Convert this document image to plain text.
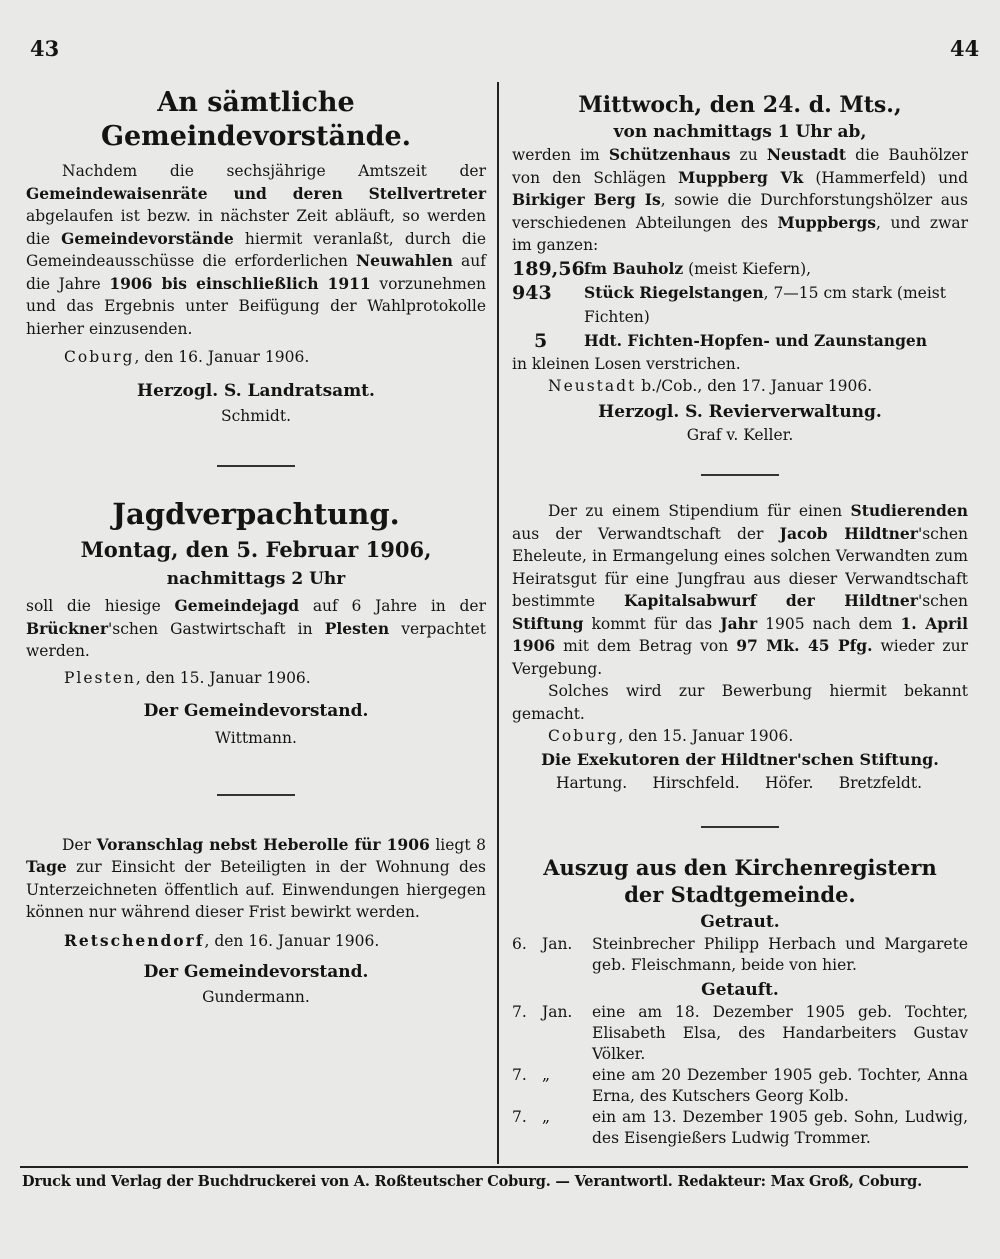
43	44

An sämtliche Gemeindevorstände.

Nachdem die sechsjährige Amtszeit der Gemeindewaisenräte und deren Stellvertreter abgelaufen ist bezw. in nächster Zeit abläuft, so werden die Gemeindevorstände hiermit veranlaßt, durch die Gemeindeausschüsse die erforderlichen Neuwahlen auf die Jahre 1906 bis einschließlich 1911 vorzunehmen und das Ergebnis unter Beifügung der Wahlprotokolle hierher einzusenden.

Coburg, den 16. Januar 1906.

Herzogl. S. Landratsamt.

Schmidt.

Jagdverpachtung.

Montag, den 5. Februar 1906,

nachmittags 2 Uhr

soll die hiesige Gemeindejagd auf 6 Jahre in der Brückner'schen Gastwirtschaft in Plesten verpachtet werden.

Plesten, den 15. Januar 1906.

Der Gemeindevorstand.

Wittmann.

Der Voranschlag nebst Heberolle für 1906 liegt 8 Tage zur Einsicht der Beteiligten in der Wohnung des Unterzeichneten öffentlich auf. Einwendungen hiergegen können nur während dieser Frist bewirkt werden.

Retschendorf, den 16. Januar 1906.

Der Gemeindevorstand.

Gundermann.

Mittwoch, den 24. d. Mts.,

von nachmittags 1 Uhr ab,

werden im Schützenhaus zu Neustadt die Bauhölzer von den Schlägen Muppberg Vk (Hammerfeld) und Birkiger Berg Is, sowie die Durchforstungshölzer aus verschiedenen Abteilungen des Muppbergs, und zwar im ganzen:

189,56 fm Bauholz (meist Kiefern),
943	Stück Riegelstangen, 7—15 cm stark (meist Fichten)
5	Hdt. Fichten-Hopfen- und Zaunstangen

in kleinen Losen verstrichen.

Neustadt b./Cob., den 17. Januar 1906.

Herzogl. S. Revierverwaltung.

Graf v. Keller.

Der zu einem Stipendium für einen Studierenden aus der Verwandtschaft der Jacob Hildtner'schen Eheleute, in Ermangelung eines solchen Verwandten zum Heiratsgut für eine Jungfrau aus dieser Verwandtschaft bestimmte Kapitalsabwurf der Hildtner'schen Stiftung kommt für das Jahr 1905 nach dem 1. April 1906 mit dem Betrag von 97 Mk. 45 Pfg. wieder zur Vergebung.

Solches wird zur Bewerbung hiermit bekannt gemacht.

Coburg, den 15. Januar 1906.

Die Exekutoren der Hildtner'schen Stiftung.

Hartung. Hirschfeld. Höfer. Bretzfeldt.

Auszug aus den Kirchenregistern

der Stadtgemeinde.

Getraut.

6. Jan.	Steinbrecher Philipp Herbach und Margarete geb. Fleischmann, beide von hier.

Getauft.

7. Jan.	eine am 18. Dezember 1905 geb. Tochter, Elisabeth Elsa, des Handarbeiters Gustav Völker.
7. „	eine am 20 Dezember 1905 geb. Tochter, Anna Erna, des Kutschers Georg Kolb.
7. „	ein am 13. Dezember 1905 geb. Sohn, Ludwig, des Eisengießers Ludwig Trommer.
Druck und Verlag der Buchdruckerei von A. Roßteutscher Coburg. — Verantwortl. Redakteur: Max Groß, Coburg.
